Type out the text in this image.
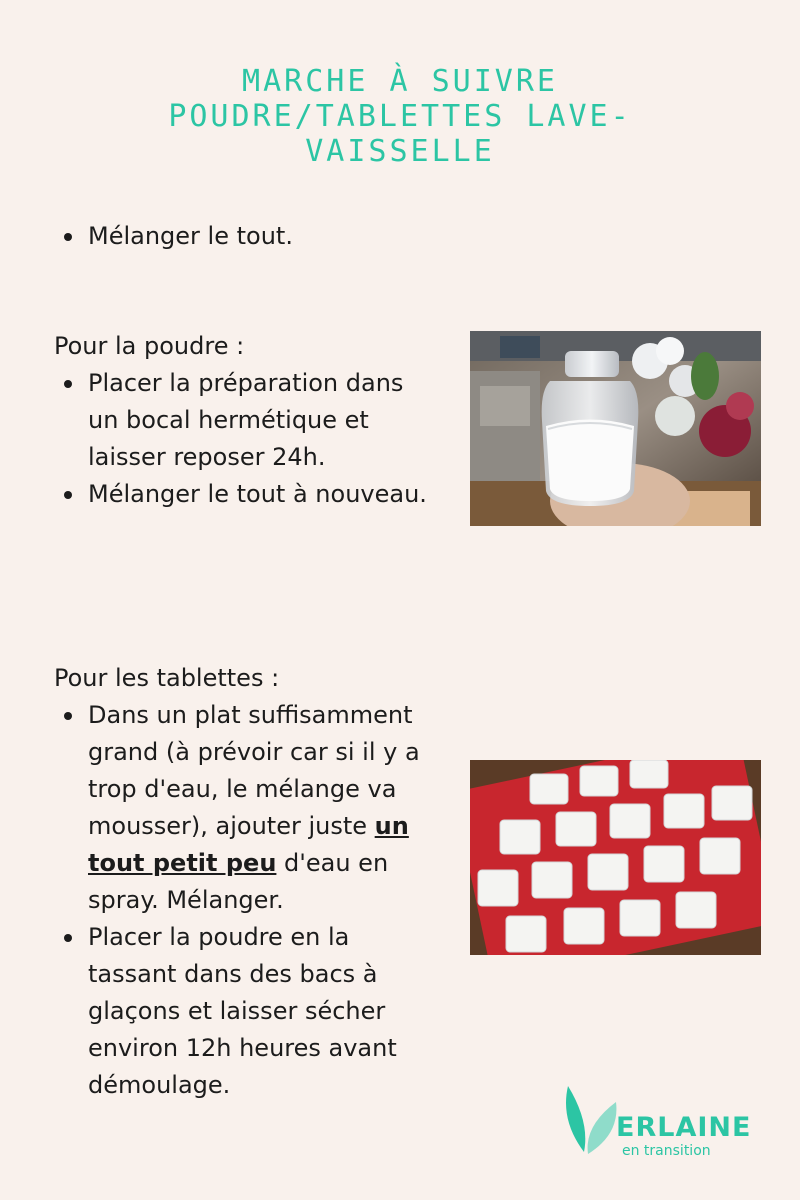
MARCHE À SUIVRE
POUDRE/TABLETTES LAVE-
VAISSELLE
Mélanger le tout.
Pour la poudre :
Placer la préparation dans un bocal hermétique et laisser reposer 24h.
Mélanger le tout à nouveau.
Pour les tablettes :
Dans un plat suffisamment grand (à prévoir car si il y a trop d'eau, le mélange va mousser), ajouter juste un tout petit peu d'eau en spray. Mélanger.
Placer la poudre en la tassant dans des bacs à glaçons et laisser sécher environ 12h heures avant démoulage.
ERLAINE
en transition
